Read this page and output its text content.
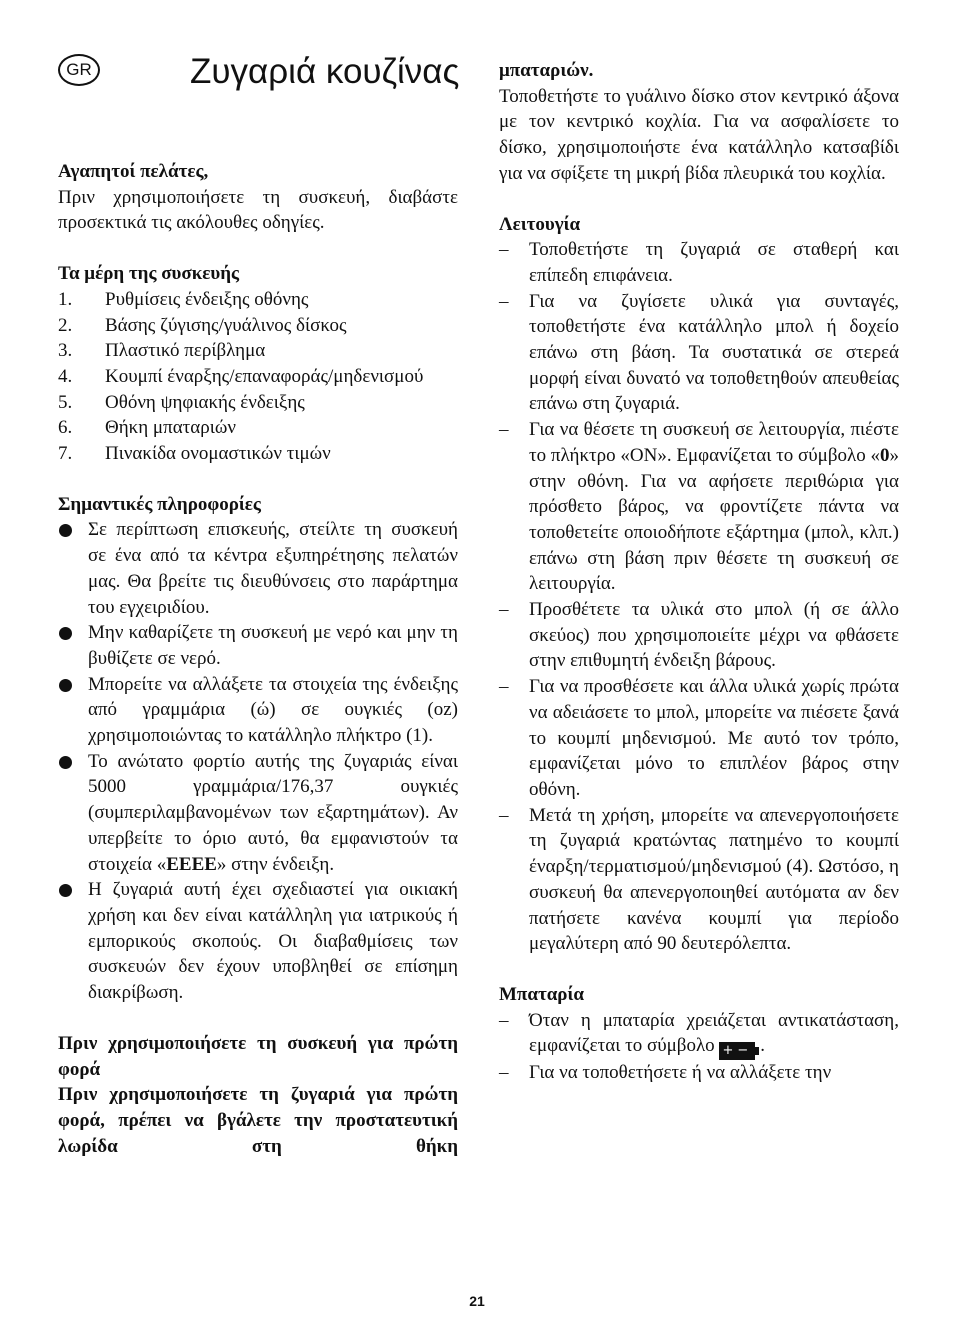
GR	Ζυγαριά κουζίνας

Αγαπητοί πελάτες,

Πριν χρησιμοποιήσετε τη συσκευή, διαβάστε προσεκτικά τις ακόλουθες οδηγίες.

Τα μέρη της συσκευής

1.	Ρυθμίσεις ένδειξης οθόνης
2.	Βάσης ζύγισης/γυάλινος δίσκος
3.	Πλαστικό περίβλημα
4.	Κουμπί έναρξης/επαναφοράς/μηδενισμού
5.	Οθόνη ψηφιακής ένδειξης
6.	Θήκη μπαταριών
7.	Πινακίδα ονομαστικών τιμών

Σημαντικές πληροφορίες

Σε περίπτωση επισκευής, στείλτε τη συσκευή σε ένα από τα κέντρα εξυπηρέτησης πελατών μας. Θα βρείτε τις διευθύνσεις στο παράρτημα του εγχειριδίου.
Μην καθαρίζετε τη συσκευή με νερό και μην τη βυθίζετε σε νερό.
Μπορείτε να αλλάξετε τα στοιχεία της ένδειξης από γραμμάρια (ώ) σε ουγκιές (oz) χρησιμοποιώντας το κατάλληλο πλήκτρο (1).
Το ανώτατο φορτίο αυτής της ζυγαριάς είναι 5000 γραμμάρια/176,37 ουγκιές (συμπεριλαμβανομένων των εξαρτημάτων). Αν υπερβείτε το όριο αυτό, θα εμφανιστούν τα στοιχεία «EEEE» στην ένδειξη.
Η ζυγαριά αυτή έχει σχεδιαστεί για οικιακή χρήση και δεν είναι κατάλληλη για ιατρικούς ή εμπορικούς σκοπούς. Οι διαβαθμίσεις των συσκευών δεν έχουν υποβληθεί σε επίσημη διακρίβωση.

Πριν χρησιμοποιήσετε τη συσκευή για πρώτη φορά

Πριν χρησιμοποιήσετε τη ζυγαριά για πρώτη φορά, πρέπει να βγάλετε την προστατευτική λωρίδα στη θήκη

μπαταριών.

Τοποθετήστε το γυάλινο δίσκο στον κεντρικό άξονα με τον κεντρικό κοχλία. Για να ασφαλίσετε το δίσκο, χρησιμοποιήστε ένα κατάλληλο κατσαβίδι για να σφίξετε τη μικρή βίδα πλευρικά του κοχλία.

Λειτουγία

–	Τοποθετήστε τη ζυγαριά σε σταθερή και επίπεδη επιφάνεια.
–	Για να ζυγίσετε υλικά για συνταγές, τοποθετήστε ένα κατάλληλο μπολ ή δοχείο επάνω στη βάση. Τα συστατικά σε στερεά μορφή είναι δυνατό να τοποθετηθούν απευθείας επάνω στη ζυγαριά.
–	Για να θέσετε τη συσκευή σε λειτουργία, πιέστε το πλήκτρο «ON». Εμφανίζεται το σύμβολο «0» στην οθόνη. Για να αφήσετε περιθώρια για πρόσθετο βάρος, να φροντίζετε πάντα να τοποθετείτε οποιοδήποτε εξάρτημα (μπολ, κλπ.) επάνω στη βάση πριν θέσετε τη συσκευή σε λειτουργία.
–	Προσθέτετε τα υλικά στο μπολ (ή σε άλλο σκεύος) που χρησιμοποιείτε μέχρι να φθάσετε στην επιθυμητή ένδειξη βάρους.
–	Για να προσθέσετε και άλλα υλικά χωρίς πρώτα να αδειάσετε το μπολ, μπορείτε να πιέσετε ξανά το κουμπί μηδενισμού. Με αυτό τον τρόπο, εμφανίζεται μόνο το επιπλέον βάρος στην οθόνη.
–	Μετά τη χρήση, μπορείτε να απενεργοποιήσετε τη ζυγαριά κρατώντας πατημένο το κουμπί έναρξη/τερματισμού/μηδενισμού (4). Ωστόσο, η συσκευή θα απενεργοποιηθεί αυτόματα αν δεν πατήσετε κανένα κουμπί για περίοδο μεγαλύτερη από 90 δευτερόλεπτα.

Μπαταρία

–	Όταν η μπαταρία χρειάζεται αντικατάσταση, εμφανίζεται το σύμβολο +− .
–	Για να τοποθετήσετε ή να αλλάξετε την
21
